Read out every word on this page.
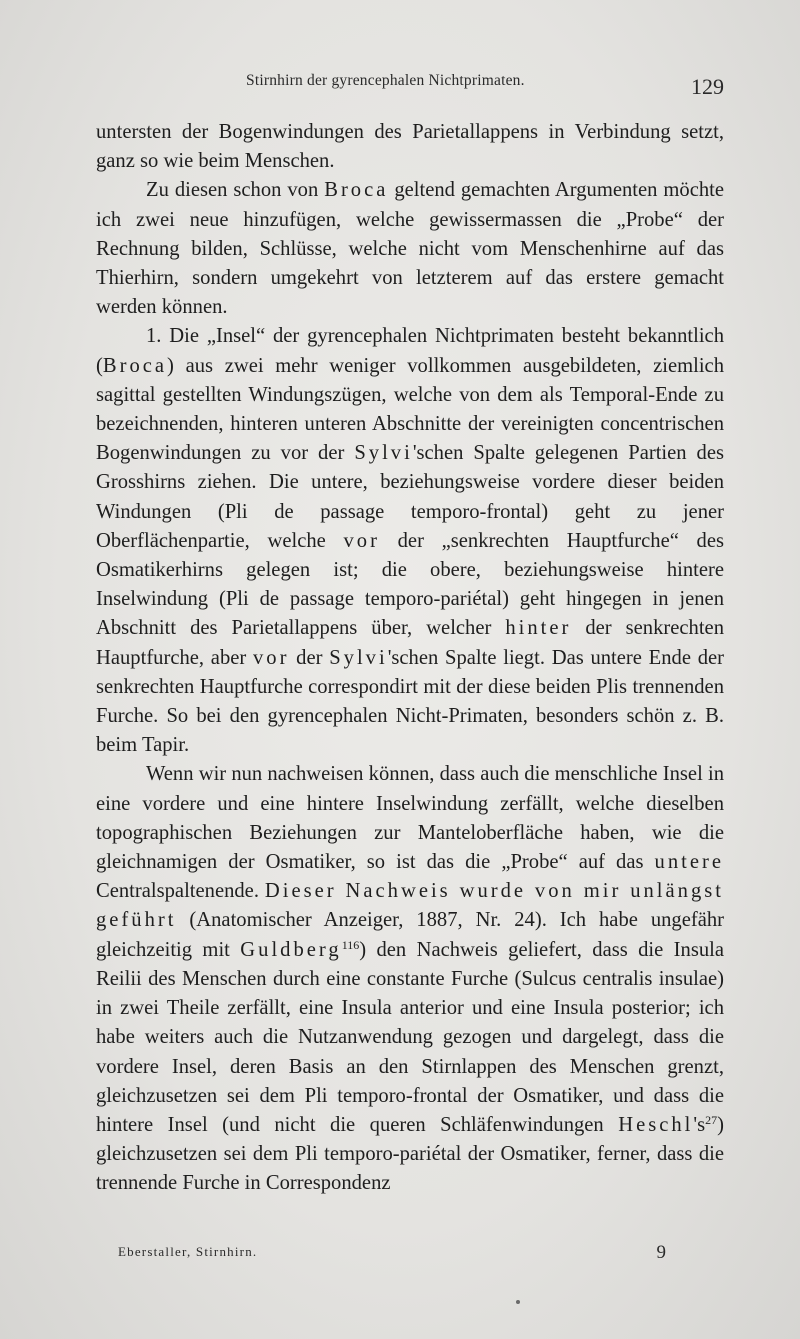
Stirnhirn der gyrencephalen Nichtprimaten.	129

untersten der Bogenwindungen des Parietallappens in Verbindung setzt, ganz so wie beim Menschen.

Zu diesen schon von Broca geltend gemachten Argumenten möchte ich zwei neue hinzufügen, welche gewissermassen die „Probe“ der Rechnung bilden, Schlüsse, welche nicht vom Menschenhirne auf das Thierhirn, sondern umgekehrt von letzterem auf das erstere gemacht werden können.

1. Die „Insel“ der gyrencephalen Nichtprimaten besteht bekanntlich (Broca) aus zwei mehr weniger vollkommen ausgebildeten, ziemlich sagittal gestellten Windungszügen, welche von dem als Temporal-Ende zu bezeichnenden, hinteren unteren Abschnitte der vereinigten concentrischen Bogenwindungen zu vor der Sylvi'schen Spalte gelegenen Partien des Grosshirns ziehen. Die untere, beziehungsweise vordere dieser beiden Windungen (Pli de passage temporo-frontal) geht zu jener Oberflächenpartie, welche vor der „senkrechten Hauptfurche“ des Osmatikerhirns gelegen ist; die obere, beziehungsweise hintere Inselwindung (Pli de passage temporo-pariétal) geht hingegen in jenen Abschnitt des Parietallappens über, welcher hinter der senkrechten Hauptfurche, aber vor der Sylvi'schen Spalte liegt. Das untere Ende der senkrechten Hauptfurche correspondirt mit der diese beiden Plis trennenden Furche. So bei den gyrencephalen Nicht-Primaten, besonders schön z. B. beim Tapir.

Wenn wir nun nachweisen können, dass auch die menschliche Insel in eine vordere und eine hintere Inselwindung zerfällt, welche dieselben topographischen Beziehungen zur Manteloberfläche haben, wie die gleichnamigen der Osmatiker, so ist das die „Probe“ auf das untere Centralspaltenende. Dieser Nachweis wurde von mir unlängst geführt (Anatomischer Anzeiger, 1887, Nr. 24). Ich habe ungefähr gleichzeitig mit Guldberg$^{116}$) den Nachweis geliefert, dass die Insula Reilii des Menschen durch eine constante Furche (Sulcus centralis insulae) in zwei Theile zerfällt, eine Insula anterior und eine Insula posterior; ich habe weiters auch die Nutzanwendung gezogen und dargelegt, dass die vordere Insel, deren Basis an den Stirnlappen des Menschen grenzt, gleichzusetzen sei dem Pli temporo-frontal der Osmatiker, und dass die hintere Insel (und nicht die queren Schläfenwindungen $Heschl's^{27}$) gleichzusetzen sei dem Pli temporo-pariétal der Osmatiker, ferner, dass die trennende Furche in Correspondenz

Eberstaller, Stirnhirn.	9
